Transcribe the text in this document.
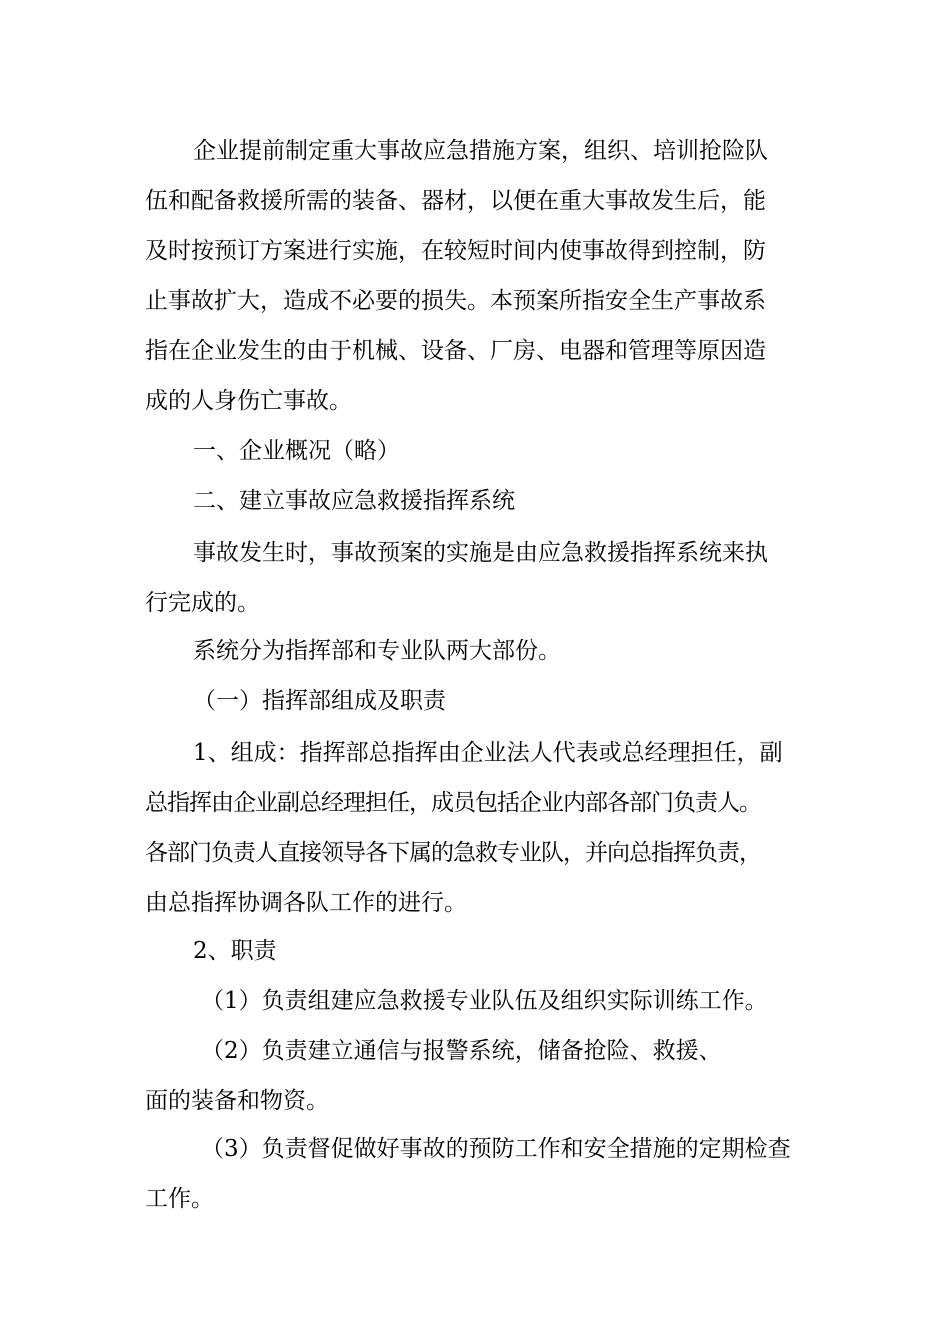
企业提前制定重大事故应急措施方案，组织、培训抢险队
伍和配备救援所需的装备、器材，以便在重大事故发生后，能
及时按预订方案进行实施，在较短时间内使事故得到控制，防
止事故扩大，造成不必要的损失。本预案所指安全生产事故系
指在企业发生的由于机械、设备、厂房、电器和管理等原因造
成的人身伤亡事故。
一、企业概况（略）
二、建立事故应急救援指挥系统
事故发生时，事故预案的实施是由应急救援指挥系统来执
行完成的。
系统分为指挥部和专业队两大部份。
（一）指挥部组成及职责
1、组成：指挥部总指挥由企业法人代表或总经理担任，副
总指挥由企业副总经理担任，成员包括企业内部各部门负责人。
各部门负责人直接领导各下属的急救专业队，并向总指挥负责，
由总指挥协调各队工作的进行。
2、职责
（1）负责组建应急救援专业队伍及组织实际训练工作。
（2）负责建立通信与报警系统，储备抢险、救援、
面的装备和物资。
（3）负责督促做好事故的预防工作和安全措施的定期检查
工作。
